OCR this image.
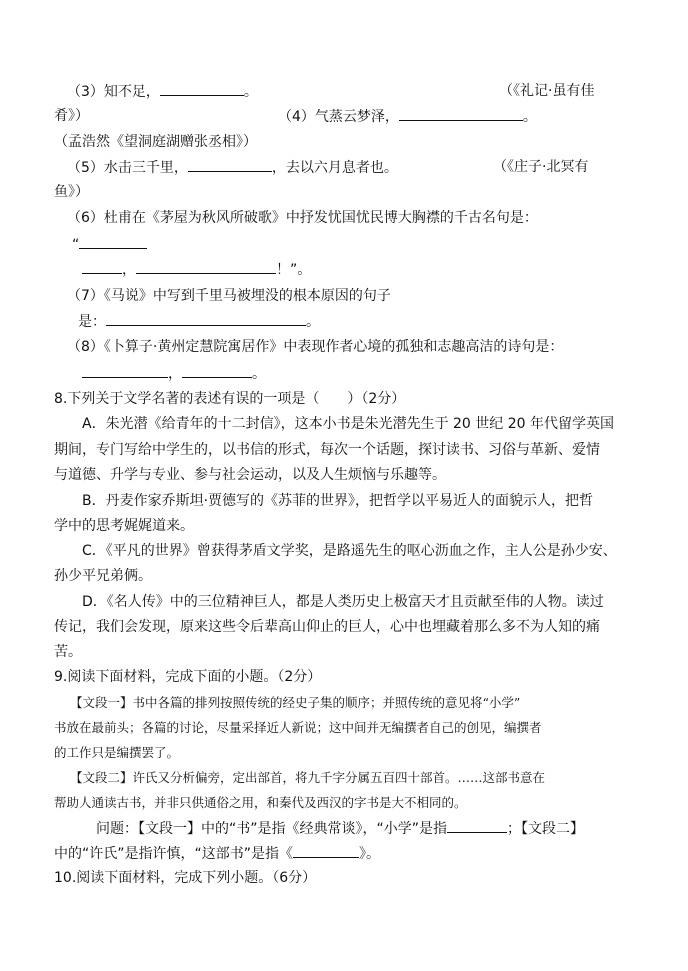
（3）知不足，	。	（《礼记·虽有佳
肴》）	（4）气蒸云梦泽，	。
（孟浩然《望洞庭湖赠张丞相》）
（5）水击三千里，	，去以六月息者也。	（《庄子·北冥有
鱼》）
（6）杜甫在《茅屋为秋风所破歌》中抒发忧国忧民博大胸襟的千古名句是：
“
，	！”。
（7）《马说》中写到千里马被埋没的根本原因的句子
是：	。
（8）《卜算子·黄州定慧院寓居作》中表现作者心境的孤独和志趣高洁的诗句是：
，	。
8.下列关于文学名著的表述有误的一项是（　　）（2分）
A．朱光潜《给青年的十二封信》，这本小书是朱光潜先生于 20 世纪 20 年代留学英国
期间，专门写给中学生的，以书信的形式，每次一个话题，探讨读书、习俗与革新、爱情
与道德、升学与专业、参与社会运动，以及人生烦恼与乐趣等。
B．丹麦作家乔斯坦·贾德写的《苏菲的世界》，把哲学以平易近人的面貌示人，把哲
学中的思考娓娓道来。
C．《平凡的世界》曾获得茅盾文学奖，是路遥先生的呕心沥血之作，主人公是孙少安、
孙少平兄弟俩。
D．《名人传》中的三位精神巨人，都是人类历史上极富天才且贡献至伟的人物。读过
传记，我们会发现，原来这些令后辈高山仰止的巨人，心中也埋藏着那么多不为人知的痛
苦。
9.阅读下面材料，完成下面的小题。（2分）
【文段一】书中各篇的排列按照传统的经史子集的顺序；并照传统的意见将“小学”
书放在最前头；各篇的讨论，尽量采择近人新说；这中间并无编撰者自己的创见，编撰者
的工作只是编撰罢了。
【文段二】许氏又分析偏旁，定出部首，将九千字分属五百四十部首。……这部书意在
帮助人通读古书，并非只供通俗之用，和秦代及西汉的字书是大不相同的。
问题：【文段一】中的“书”是指《经典常谈》，“小学”是指	；【文段二】
中的“许氏”是指许慎，“这部书”是指《	》。
10.阅读下面材料，完成下列小题。（6分）
